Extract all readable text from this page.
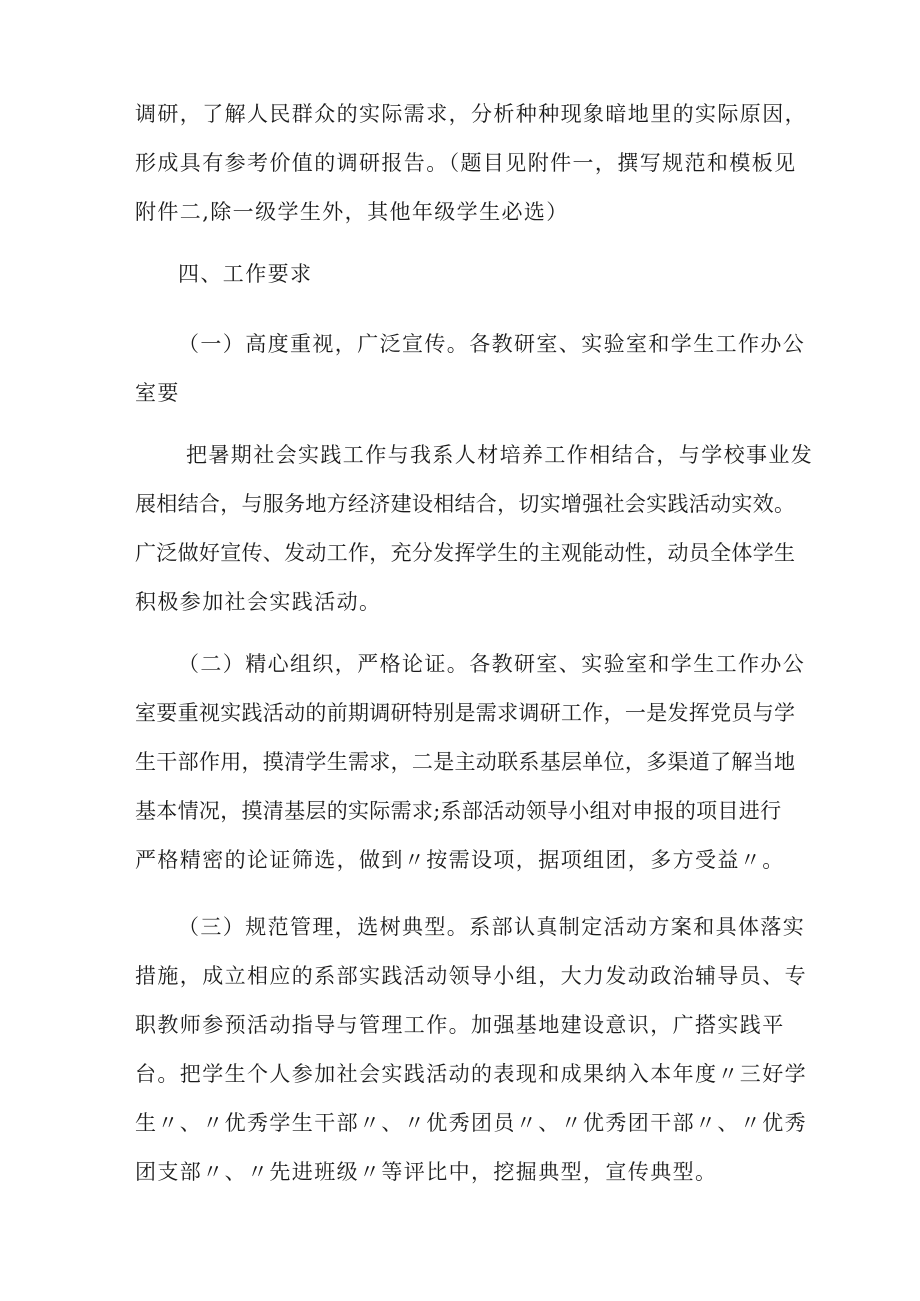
调研，了解人民群众的实际需求，分析种种现象暗地里的实际原因，
形成具有参考价值的调研报告。（题目见附件一，撰写规范和模板见
附件二,除一级学生外，其他年级学生必选）
四、工作要求
（一）高度重视，广泛宣传。各教研室、实验室和学生工作办公
室要
把暑期社会实践工作与我系人材培养工作相结合，与学校事业发
展相结合，与服务地方经济建设相结合，切实增强社会实践活动实效。
广泛做好宣传、发动工作，充分发挥学生的主观能动性，动员全体学生
积极参加社会实践活动。
（二）精心组织，严格论证。各教研室、实验室和学生工作办公
室要重视实践活动的前期调研特别是需求调研工作，一是发挥党员与学
生干部作用，摸清学生需求，二是主动联系基层单位，多渠道了解当地
基本情况，摸清基层的实际需求;系部活动领导小组对申报的项目进行
严格精密的论证筛选，做到〃按需设项，据项组团，多方受益〃。
（三）规范管理，选树典型。系部认真制定活动方案和具体落实
措施，成立相应的系部实践活动领导小组，大力发动政治辅导员、专
职教师参预活动指导与管理工作。加强基地建设意识，广搭实践平
台。把学生个人参加社会实践活动的表现和成果纳入本年度〃三好学
生〃、〃优秀学生干部〃、〃优秀团员〃、〃优秀团干部〃、〃优秀
团支部〃、〃先进班级〃等评比中，挖掘典型，宣传典型。
